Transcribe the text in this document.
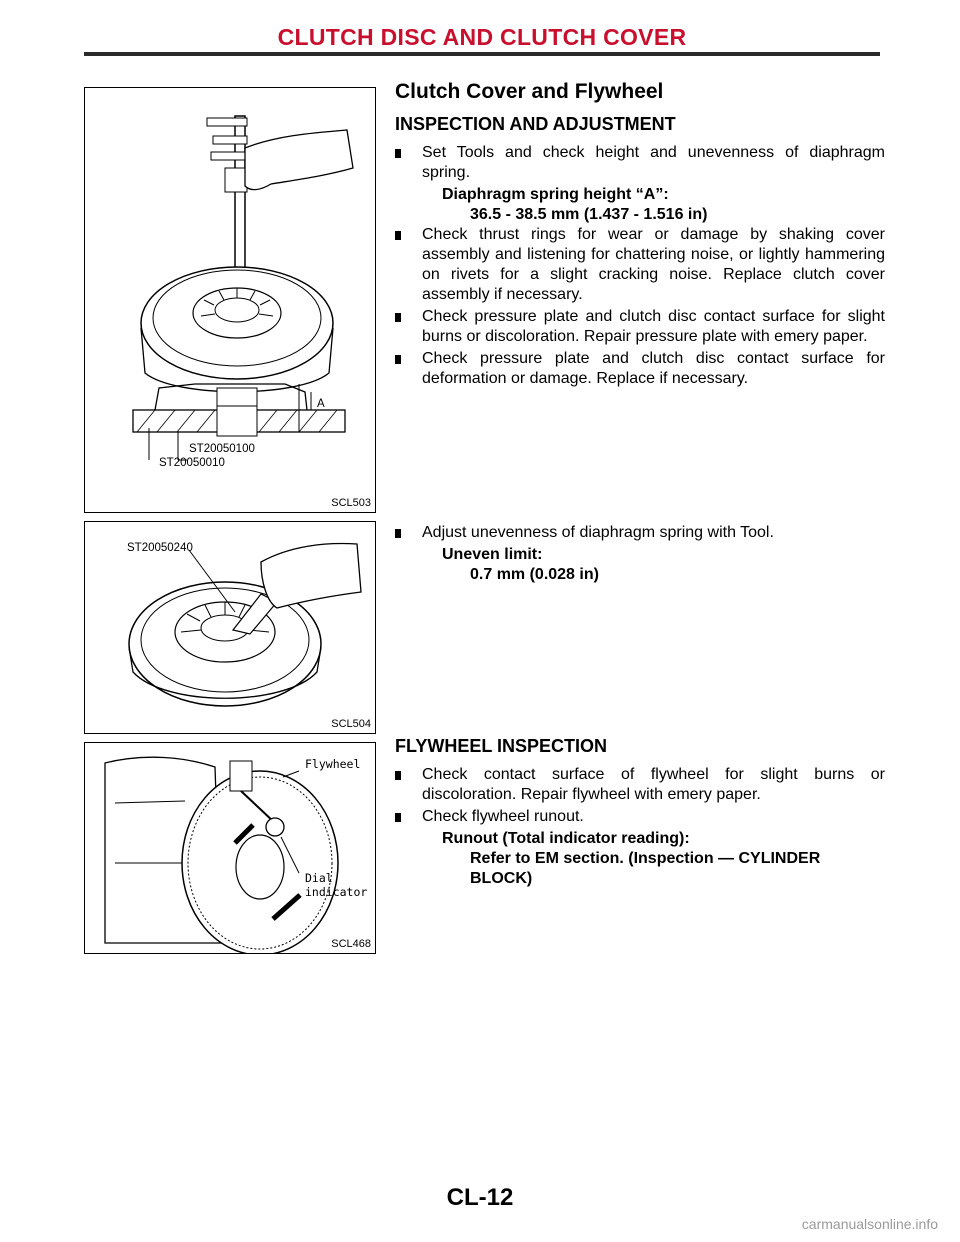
CLUTCH DISC AND CLUTCH COVER
A
ST20050100
ST20050010
SCL503
ST20050240
SCL504
Flywheel
Dial indicator
SCL468
Clutch Cover and Flywheel
INSPECTION AND ADJUSTMENT
Set Tools and check height and unevenness of diaphragm spring.
Diaphragm spring height “A”:
36.5 - 38.5 mm (1.437 - 1.516 in)
Check thrust rings for wear or damage by shaking cover assembly and listening for chattering noise, or lightly hammering on rivets for a slight cracking noise. Replace clutch cover assembly if necessary.
Check pressure plate and clutch disc contact surface for slight burns or discoloration. Repair pressure plate with emery paper.
Check pressure plate and clutch disc contact surface for deformation or damage. Replace if necessary.
Adjust unevenness of diaphragm spring with Tool.
Uneven limit:
0.7 mm (0.028 in)
FLYWHEEL INSPECTION
Check contact surface of flywheel for slight burns or discoloration. Repair flywheel with emery paper.
Check flywheel runout.
Runout (Total indicator reading):
Refer to EM section. (Inspection — CYLINDER BLOCK)
CL-12
carmanualsonline.info
